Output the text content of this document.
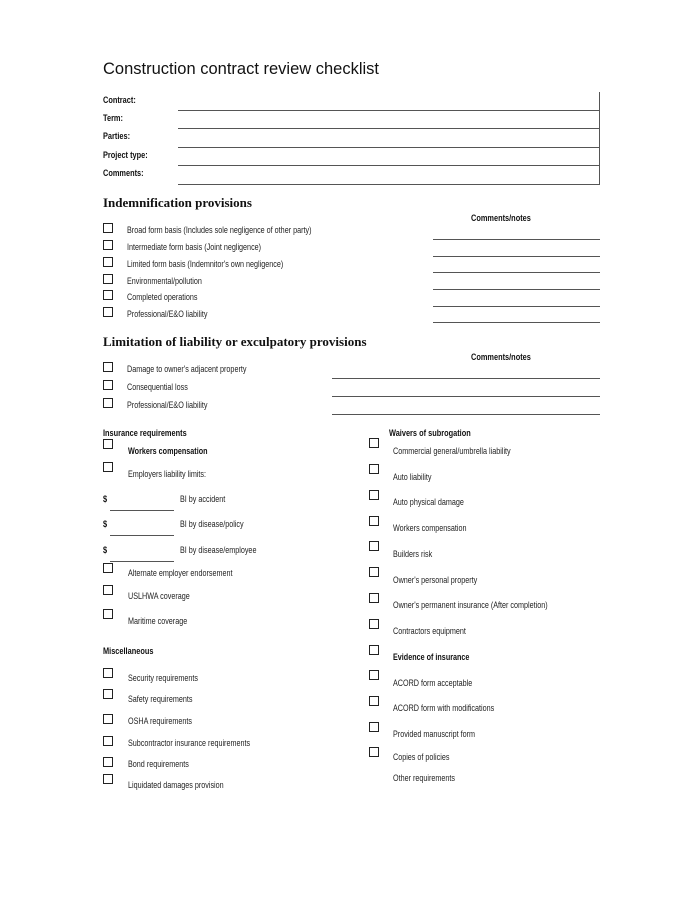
Construction contract review checklist
Contract:
Term:
Parties:
Project type:
Comments:
Indemnification provisions
Comments/notes
Broad form basis (Includes sole negligence of other party)
Intermediate form basis (Joint negligence)
Limited form basis (Indemnitor's own negligence)
Environmental/pollution
Completed operations
Professional/E&O liability
Limitation of liability or exculpatory provisions
Comments/notes
Damage to owner's adjacent property
Consequential loss
Professional/E&O liability
Insurance requirements
Workers compensation
Employers liability limits:
$	BI by accident
$	BI by disease/policy
$	BI by disease/employee
Alternate employer endorsement
USLHWA coverage
Maritime coverage
Miscellaneous
Security requirements
Safety requirements
OSHA requirements
Subcontractor insurance requirements
Bond requirements
Liquidated damages provision
Waivers of subrogation
Commercial general/umbrella liability
Auto liability
Auto physical damage
Workers compensation
Builders risk
Owner's personal property
Owner's permanent insurance (After completion)
Contractors equipment
Evidence of insurance
ACORD form acceptable
ACORD form with modifications
Provided manuscript form
Copies of policies
Other requirements
